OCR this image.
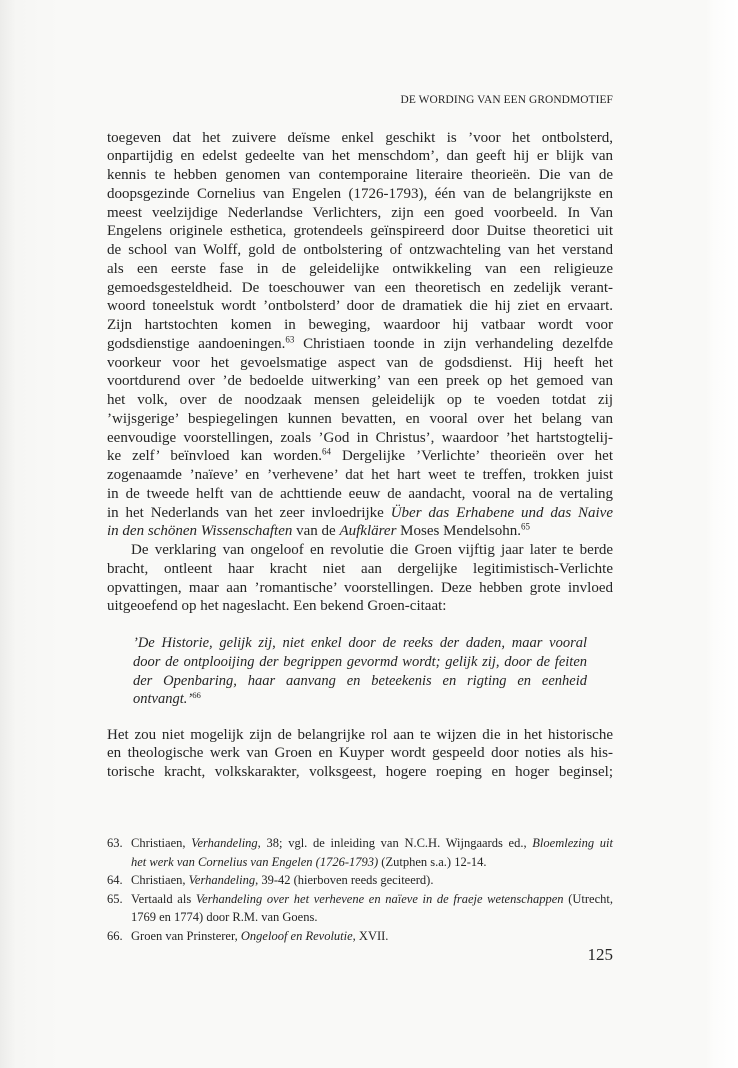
DE WORDING VAN EEN GRONDMOTIEF
toegeven dat het zuivere deïsme enkel geschikt is ’voor het ontbolsterd,
onpartijdig en edelst gedeelte van het menschdom’, dan geeft hij er blijk van
kennis te hebben genomen van contemporaine literaire theorieën. Die van de
doopsgezinde Cornelius van Engelen (1726-1793), één van de belangrijkste en
meest veelzijdige Nederlandse Verlichters, zijn een goed voorbeeld. In Van
Engelens originele esthetica, grotendeels geïnspireerd door Duitse theoretici uit
de school van Wolff, gold de ontbolstering of ontzwachteling van het verstand
als een eerste fase in de geleidelijke ontwikkeling van een religieuze
gemoedsgesteldheid. De toeschouwer van een theoretisch en zedelijk verant-
woord toneelstuk wordt ’ontbolsterd’ door de dramatiek die hij ziet en ervaart.
Zijn hartstochten komen in beweging, waardoor hij vatbaar wordt voor
godsdienstige aandoeningen.$^{63}$ Christiaen toonde in zijn verhandeling dezelfde
voorkeur voor het gevoelsmatige aspect van de godsdienst. Hij heeft het
voortdurend over ’de bedoelde uitwerking’ van een preek op het gemoed van
het volk, over de noodzaak mensen geleidelijk op te voeden totdat zij
’wijsgerige’ bespiegelingen kunnen bevatten, en vooral over het belang van
eenvoudige voorstellingen, zoals ’God in Christus’, waardoor ’het hartstogtelij-
ke zelf’ beïnvloed kan worden.$^{64}$ Dergelijke ’Verlichte’ theorieën over het
zogenaamde ’naïeve’ en ’verhevene’ dat het hart weet te treffen, trokken juist
in de tweede helft van de achttiende eeuw de aandacht, vooral na de vertaling
in het Nederlands van het zeer invloedrijke Über das Erhabene und das Naive
in den schönen Wissenschaften van de Aufklärer Moses Mendelsohn.$^{65}$
De verklaring van ongeloof en revolutie die Groen vijftig jaar later te berde
bracht, ontleent haar kracht niet aan dergelijke legitimistisch-Verlichte
opvattingen, maar aan ’romantische’ voorstellingen. Deze hebben grote invloed
uitgeoefend op het nageslacht. Een bekend Groen-citaat:
’De Historie, gelijk zij, niet enkel door de reeks der daden, maar vooral
door de ontplooijing der begrippen gevormd wordt; gelijk zij, door de feiten
der Openbaring, haar aanvang en beteekenis en rigting en eenheid
ontvangt.’$^{66}$
Het zou niet mogelijk zijn de belangrijke rol aan te wijzen die in het historische
en theologische werk van Groen en Kuyper wordt gespeeld door noties als his-
torische kracht, volkskarakter, volksgeest, hogere roeping en hoger beginsel;
63. Christiaen, Verhandeling, 38; vgl. de inleiding van N.C.H. Wijngaards ed., Bloemlezing uit
het werk van Cornelius van Engelen (1726-1793) (Zutphen s.a.) 12-14.
64. Christiaen, Verhandeling, 39-42 (hierboven reeds geciteerd).
65. Vertaald als Verhandeling over het verhevene en naïeve in de fraeje wetenschappen (Utrecht,
1769 en 1774) door R.M. van Goens.
66. Groen van Prinsterer, Ongeloof en Revolutie, XVII.
125
